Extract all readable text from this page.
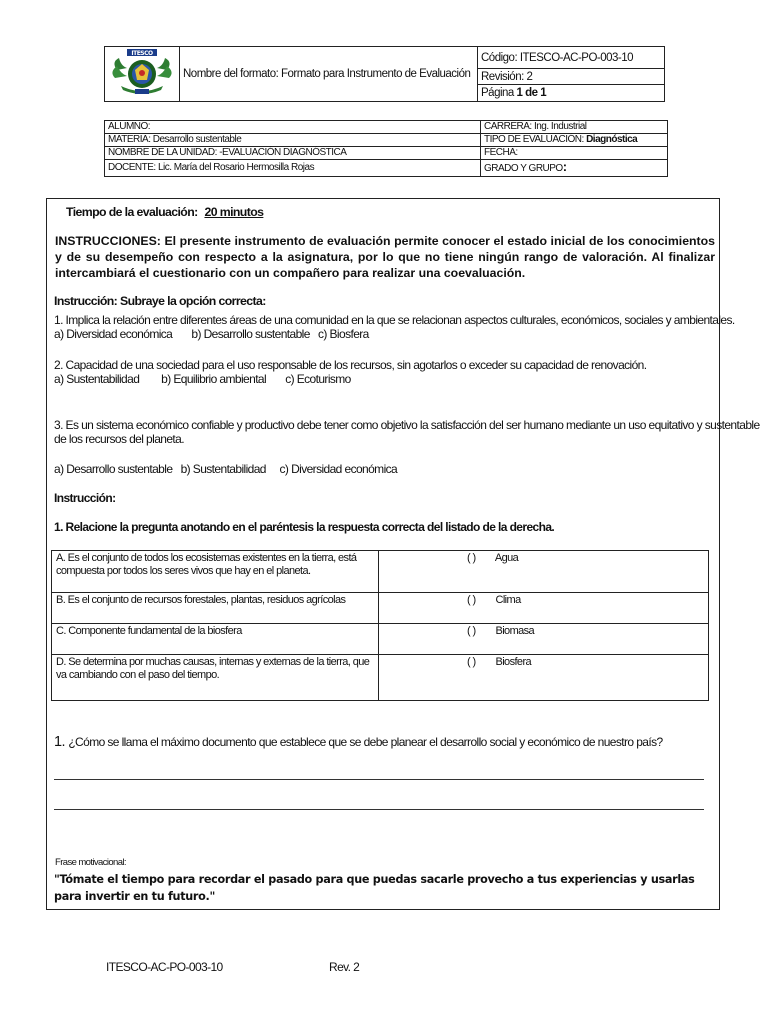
ITESCO
	Nombre del formato: Formato para Instrumento de Evaluación	Código: ITESCO-AC-PO-003-10
Revisión: 2
Página 1 de 1
ALUMNO:	CARRERA: Ing. Industrial
MATERIA: Desarrollo sustentable	TIPO DE EVALUACIÓN: Diagnóstica
NOMBRE DE LA UNIDAD: -EVALUACIÓN DIAGNÓSTICA	FECHA:
DOCENTE: Lic. María del Rosario Hermosilla Rojas	GRADO Y GRUPO:
Tiempo de la evaluación: 20 minutos
INSTRUCCIONES: El presente instrumento de evaluación permite conocer el estado inicial de los conocimientos y de su desempeño con respecto a la asignatura, por lo que no tiene ningún rango de valoración. Al finalizar intercambiará el cuestionario con un compañero para realizar una coevaluación.
Instrucción: Subraye la opción correcta:
1. Implica la relación entre diferentes áreas de una comunidad en la que se relacionan aspectos culturales, económicos, sociales y ambientales.
a) Diversidad económica       b) Desarrollo sustentable   c) Biosfera
2. Capacidad de una sociedad para el uso responsable de los recursos, sin agotarlos o exceder su capacidad de renovación.
a) Sustentabilidad        b) Equilibrio ambiental       c) Ecoturismo
3. Es un sistema económico confiable y productivo debe tener como objetivo la satisfacción del ser humano mediante un uso equitativo y sustentable
de los recursos del planeta.
a) Desarrollo sustentable   b) Sustentabilidad     c) Diversidad económica
Instrucción:
1. Relacione la pregunta anotando en el paréntesis la respuesta correcta del listado de la derecha.
A. Es el conjunto de todos los ecosistemas existentes en la tierra, está compuesta por todos los seres vivos que hay en el planeta.	( ) Agua
B. Es el conjunto de recursos forestales, plantas, residuos agrícolas	( ) Clima
C. Componente fundamental de la biosfera	( ) Biomasa
D. Se determina por muchas causas, internas y externas de la tierra, que va cambiando con el paso del tiempo.	( ) Biosfera
1. ¿Cómo se llama el máximo documento que establece que se debe planear el desarrollo social y económico de nuestro país?
Frase motivacional:
"Tómate el tiempo para recordar el pasado para que puedas sacarle provecho a tus experiencias y usarlas para invertir en tu futuro."
ITESCO-AC-PO-003-10	Rev. 2
